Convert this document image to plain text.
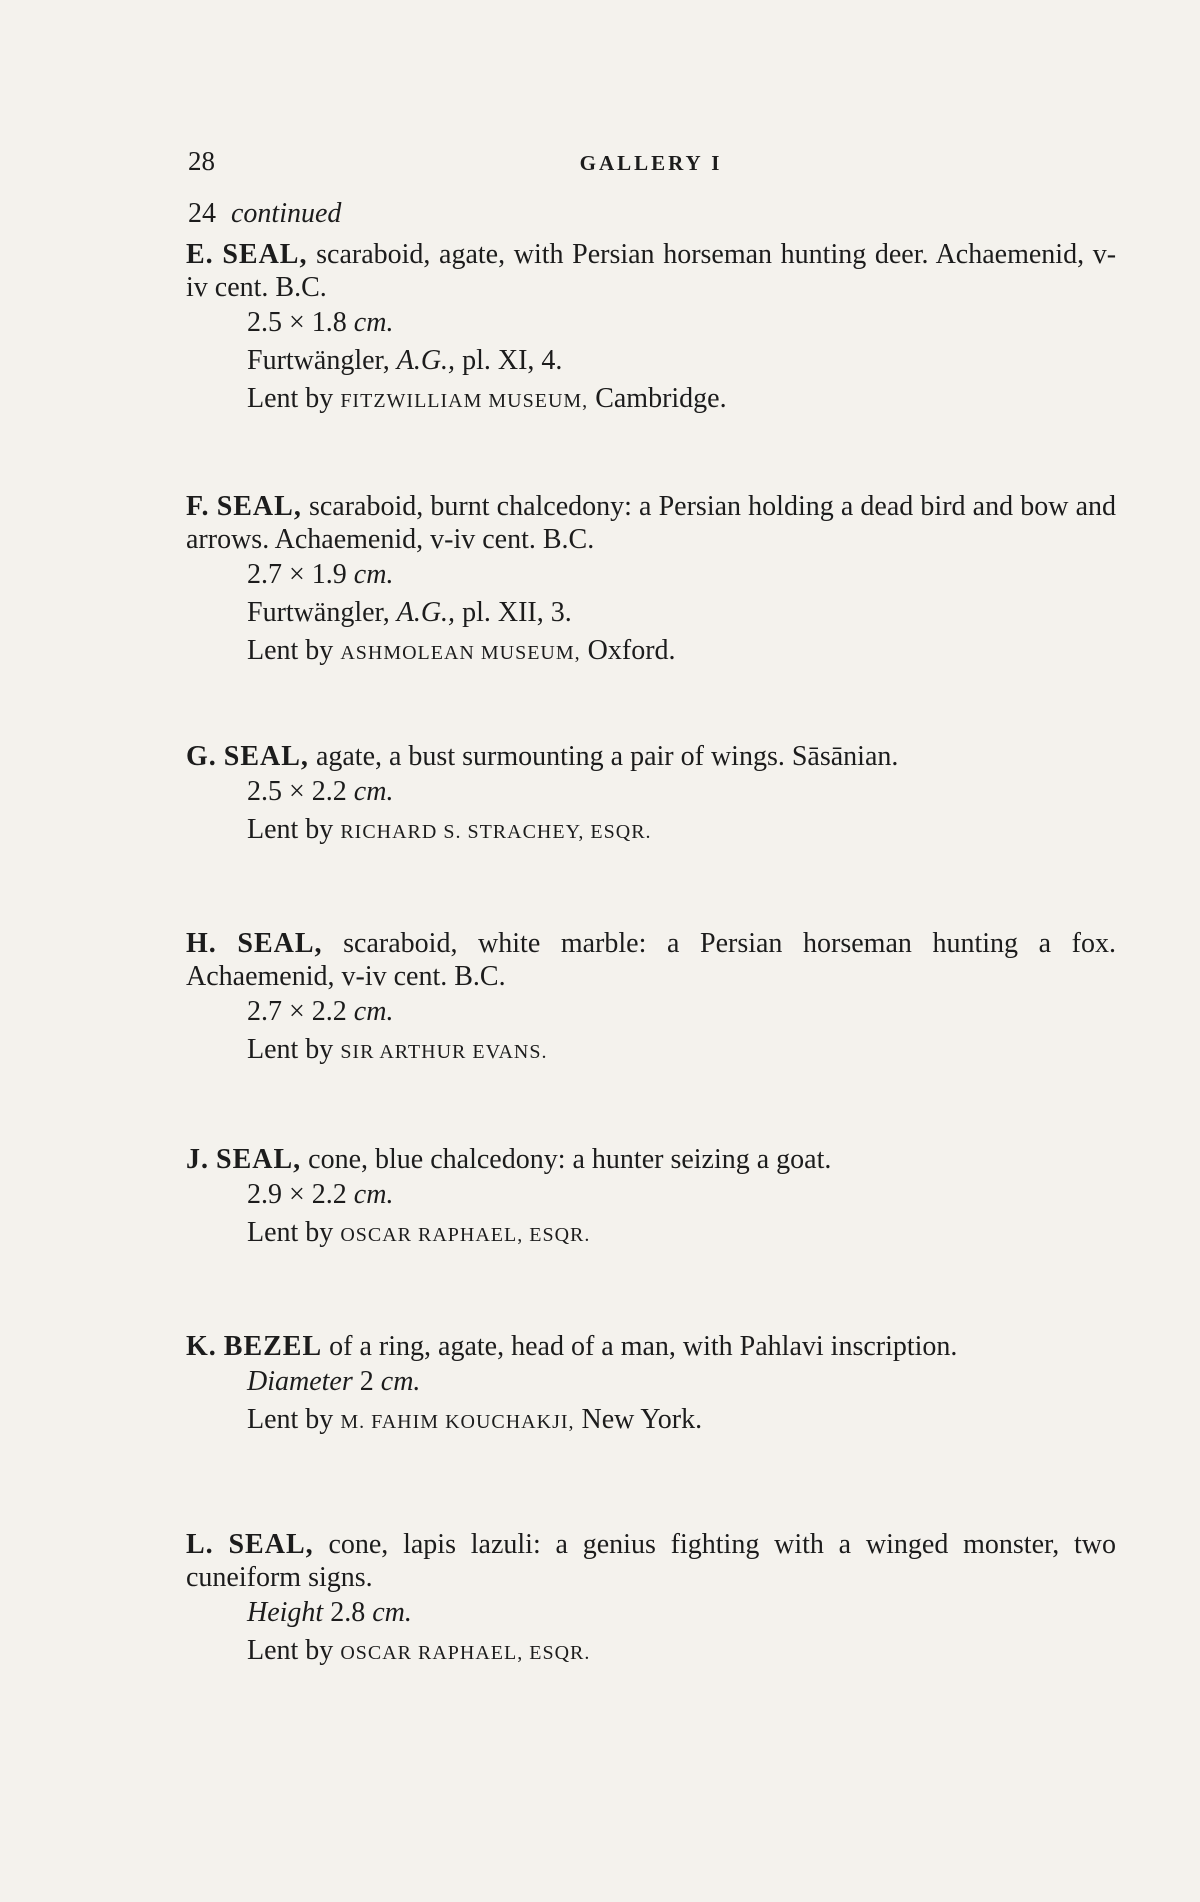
28	GALLERY I
24 continued
E. SEAL, scaraboid, agate, with Persian horseman hunting deer. Achaemenid, v-iv cent. B.C.
2.5 × 1.8 cm.
Furtwängler, A.G., pl. XI, 4.
Lent by FITZWILLIAM MUSEUM, Cambridge.
F. SEAL, scaraboid, burnt chalcedony: a Persian holding a dead bird and bow and arrows. Achaemenid, v-iv cent. B.C.
2.7 × 1.9 cm.
Furtwängler, A.G., pl. XII, 3.
Lent by ASHMOLEAN MUSEUM, Oxford.
G. SEAL, agate, a bust surmounting a pair of wings. Sāsānian.
2.5 × 2.2 cm.
Lent by RICHARD S. STRACHEY, ESQR.
H. SEAL, scaraboid, white marble: a Persian horseman hunting a fox. Achaemenid, v-iv cent. B.C.
2.7 × 2.2 cm.
Lent by SIR ARTHUR EVANS.
J. SEAL, cone, blue chalcedony: a hunter seizing a goat.
2.9 × 2.2 cm.
Lent by OSCAR RAPHAEL, ESQR.
K. BEZEL of a ring, agate, head of a man, with Pahlavi inscription.
Diameter 2 cm.
Lent by M. FAHIM KOUCHAKJI, New York.
L. SEAL, cone, lapis lazuli: a genius fighting with a winged monster, two cuneiform signs.
Height 2.8 cm.
Lent by OSCAR RAPHAEL, ESQR.
